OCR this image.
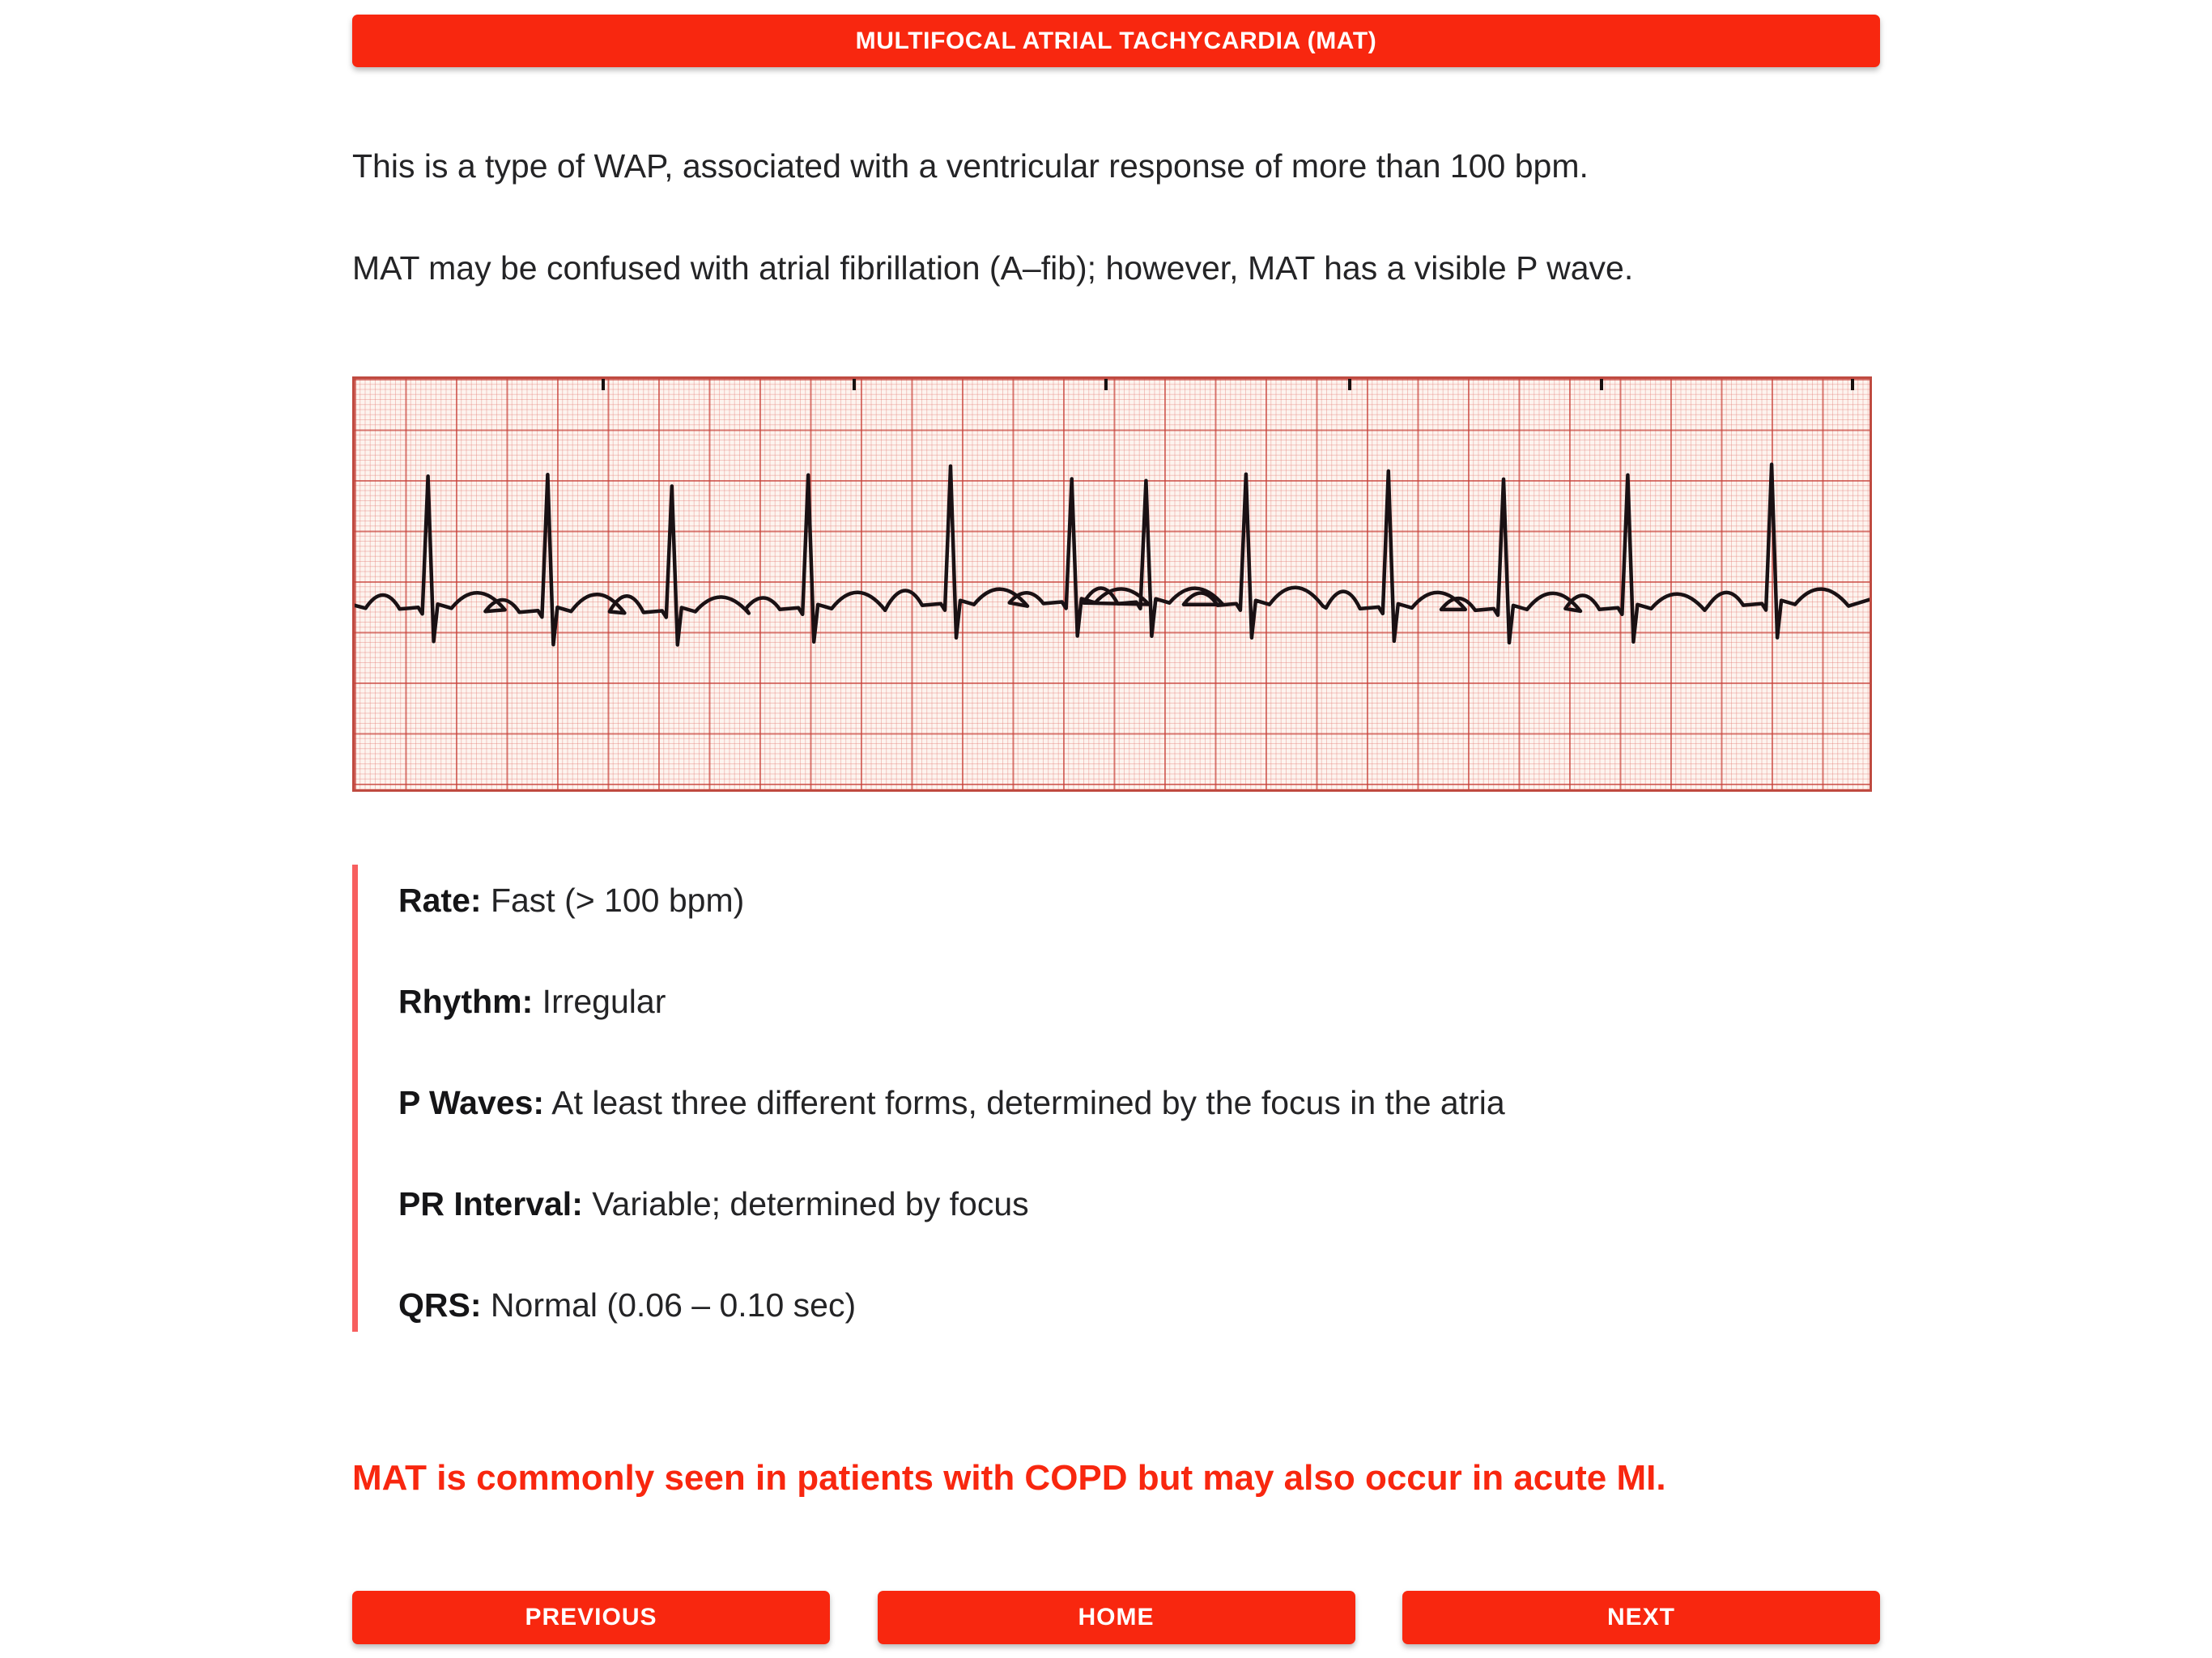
MULTIFOCAL ATRIAL TACHYCARDIA (MAT)
This is a type of WAP, associated with a ventricular response of more than 100 bpm.
MAT may be confused with atrial fibrillation (A–fib); however, MAT has a visible P wave.
Rate: Fast (> 100 bpm)
Rhythm: Irregular
P Waves: At least three different forms, determined by the focus in the atria
PR Interval: Variable; determined by focus
QRS: Normal (0.06 – 0.10 sec)
MAT is commonly seen in patients with COPD but may also occur in acute MI.
PREVIOUS	HOME	NEXT
